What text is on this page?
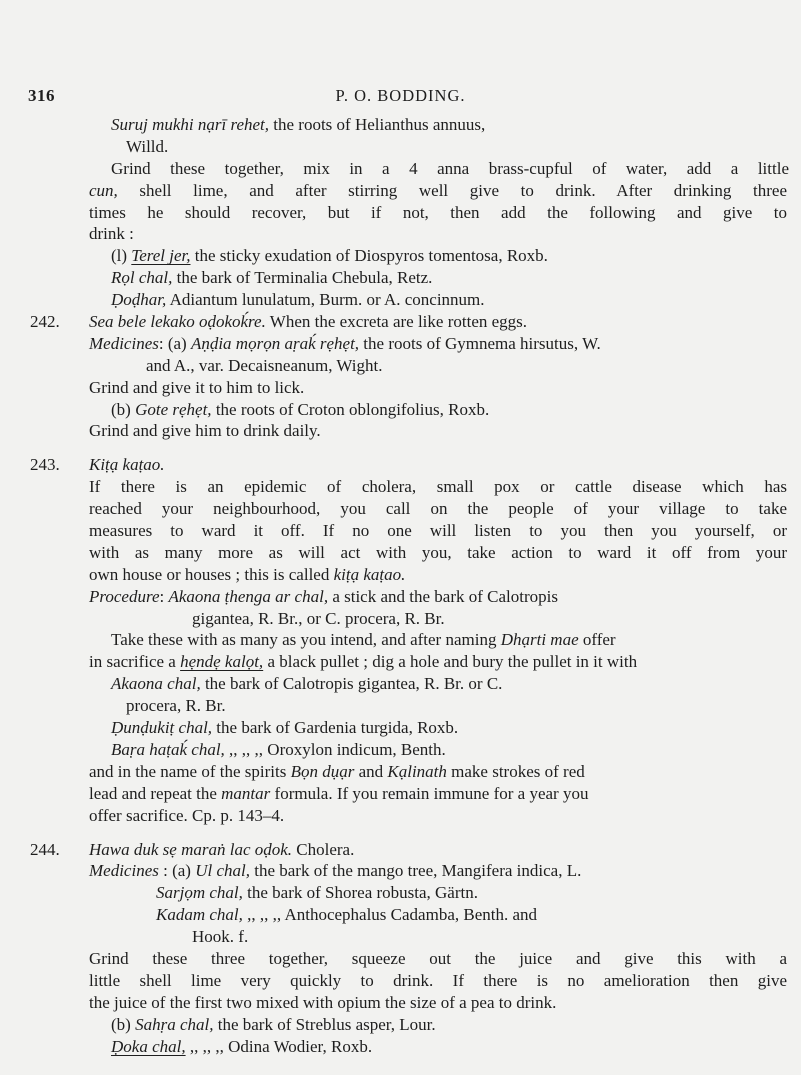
316	P. O. BODDING.
Suruj mukhi nạrī rehet, the roots of Helianthus annuus,
Willd.
Grind these together, mix in a 4 anna brass-cupful of water, add a little
cun, shell lime, and after stirring well give to drink. After drinking three
times he should recover, but if not, then add the following and give to
drink :
(l) Terel jer, the sticky exudation of Diospyros tomentosa, Roxb.
Rọl chal, the bark of Terminalia Chebula, Retz.
Ḍoḍhar, Adiantum lunulatum, Burm. or A. concinnum.
242. Sea bele lekako oḍokoḱre. When the excreta are like rotten eggs.
Medicines: (a) Aṇḍia mọrọn aṛaḱ rẹhẹt, the roots of Gymnema hirsutus, W.
and A., var. Decaisneanum, Wight.
Grind and give it to him to lick.
(b) Gote rẹhẹt, the roots of Croton oblongifolius, Roxb.
Grind and give him to drink daily.
243. Kiṭạ kaṭao.
If there is an epidemic of cholera, small pox or cattle disease which has
reached your neighbourhood, you call on the people of your village to take
measures to ward it off. If no one will listen to you then you yourself, or
with as many more as will act with you, take action to ward it off from your
own house or houses ; this is called kiṭạ kaṭao.
Procedure: Akaona ṭhenga ar chal, a stick and the bark of Calotropis
gigantea, R. Br., or C. procera, R. Br.
Take these with as many as you intend, and after naming Dhạrti mae offer
in sacrifice a hẹndẹ kalọt, a black pullet ; dig a hole and bury the pullet in it with
Akaona chal, the bark of Calotropis gigantea, R. Br. or C.
procera, R. Br.
Ḍunḍukiṭ chal, the bark of Gardenia turgida, Roxb.
Baṛa haṭaḱ chal, ,, ,, ,, Oroxylon indicum, Benth.
and in the name of the spirits Bọn dụạr and Kạlinath make strokes of red
lead and repeat the mantar formula. If you remain immune for a year you
offer sacrifice. Cp. p. 143–4.
244. Hawa duk sẹ maraṅ lac oḍok. Cholera.
Medicines : (a) Ul chal, the bark of the mango tree, Mangifera indica, L.
Sarjọm chal, the bark of Shorea robusta, Gärtn.
Kadam chal, ,, ,, ,, Anthocephalus Cadamba, Benth. and
Hook. f.
Grind these three together, squeeze out the juice and give this with a
little shell lime very quickly to drink. If there is no amelioration then give
the juice of the first two mixed with opium the size of a pea to drink.
(b) Sahṛa chal, the bark of Streblus asper, Lour.
Ḍoka chal, ,, ,, ,, Odina Wodier, Roxb.
